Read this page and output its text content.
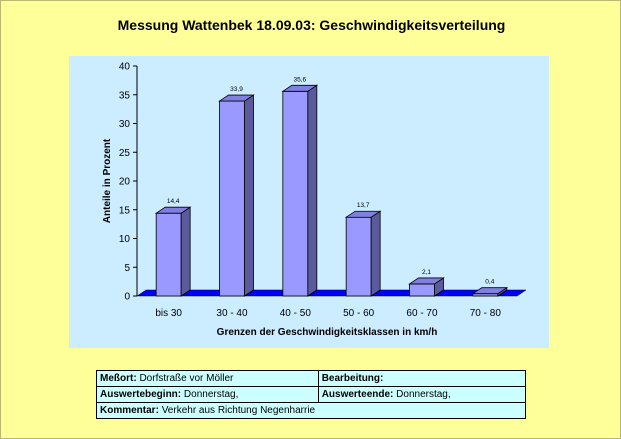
Messung Wattenbek 18.09.03: Geschwindigkeitsverteilung
0
5
10
15
20
25
30
35
40
14,4
bis 30
33,9
30 - 40
35,6
40 - 50
13,7
50 - 60
2,1
60 - 70
0,4
70 - 80
Grenzen der Geschwindigkeitsklassen in km/h
Anteile in Prozent
Meßort: Dorfstraße vor Möller	Bearbeitung:
Auswertebeginn: Donnerstag,	Auswerteende: Donnerstag,
Kommentar: Verkehr aus Richtung Negenharrie	
